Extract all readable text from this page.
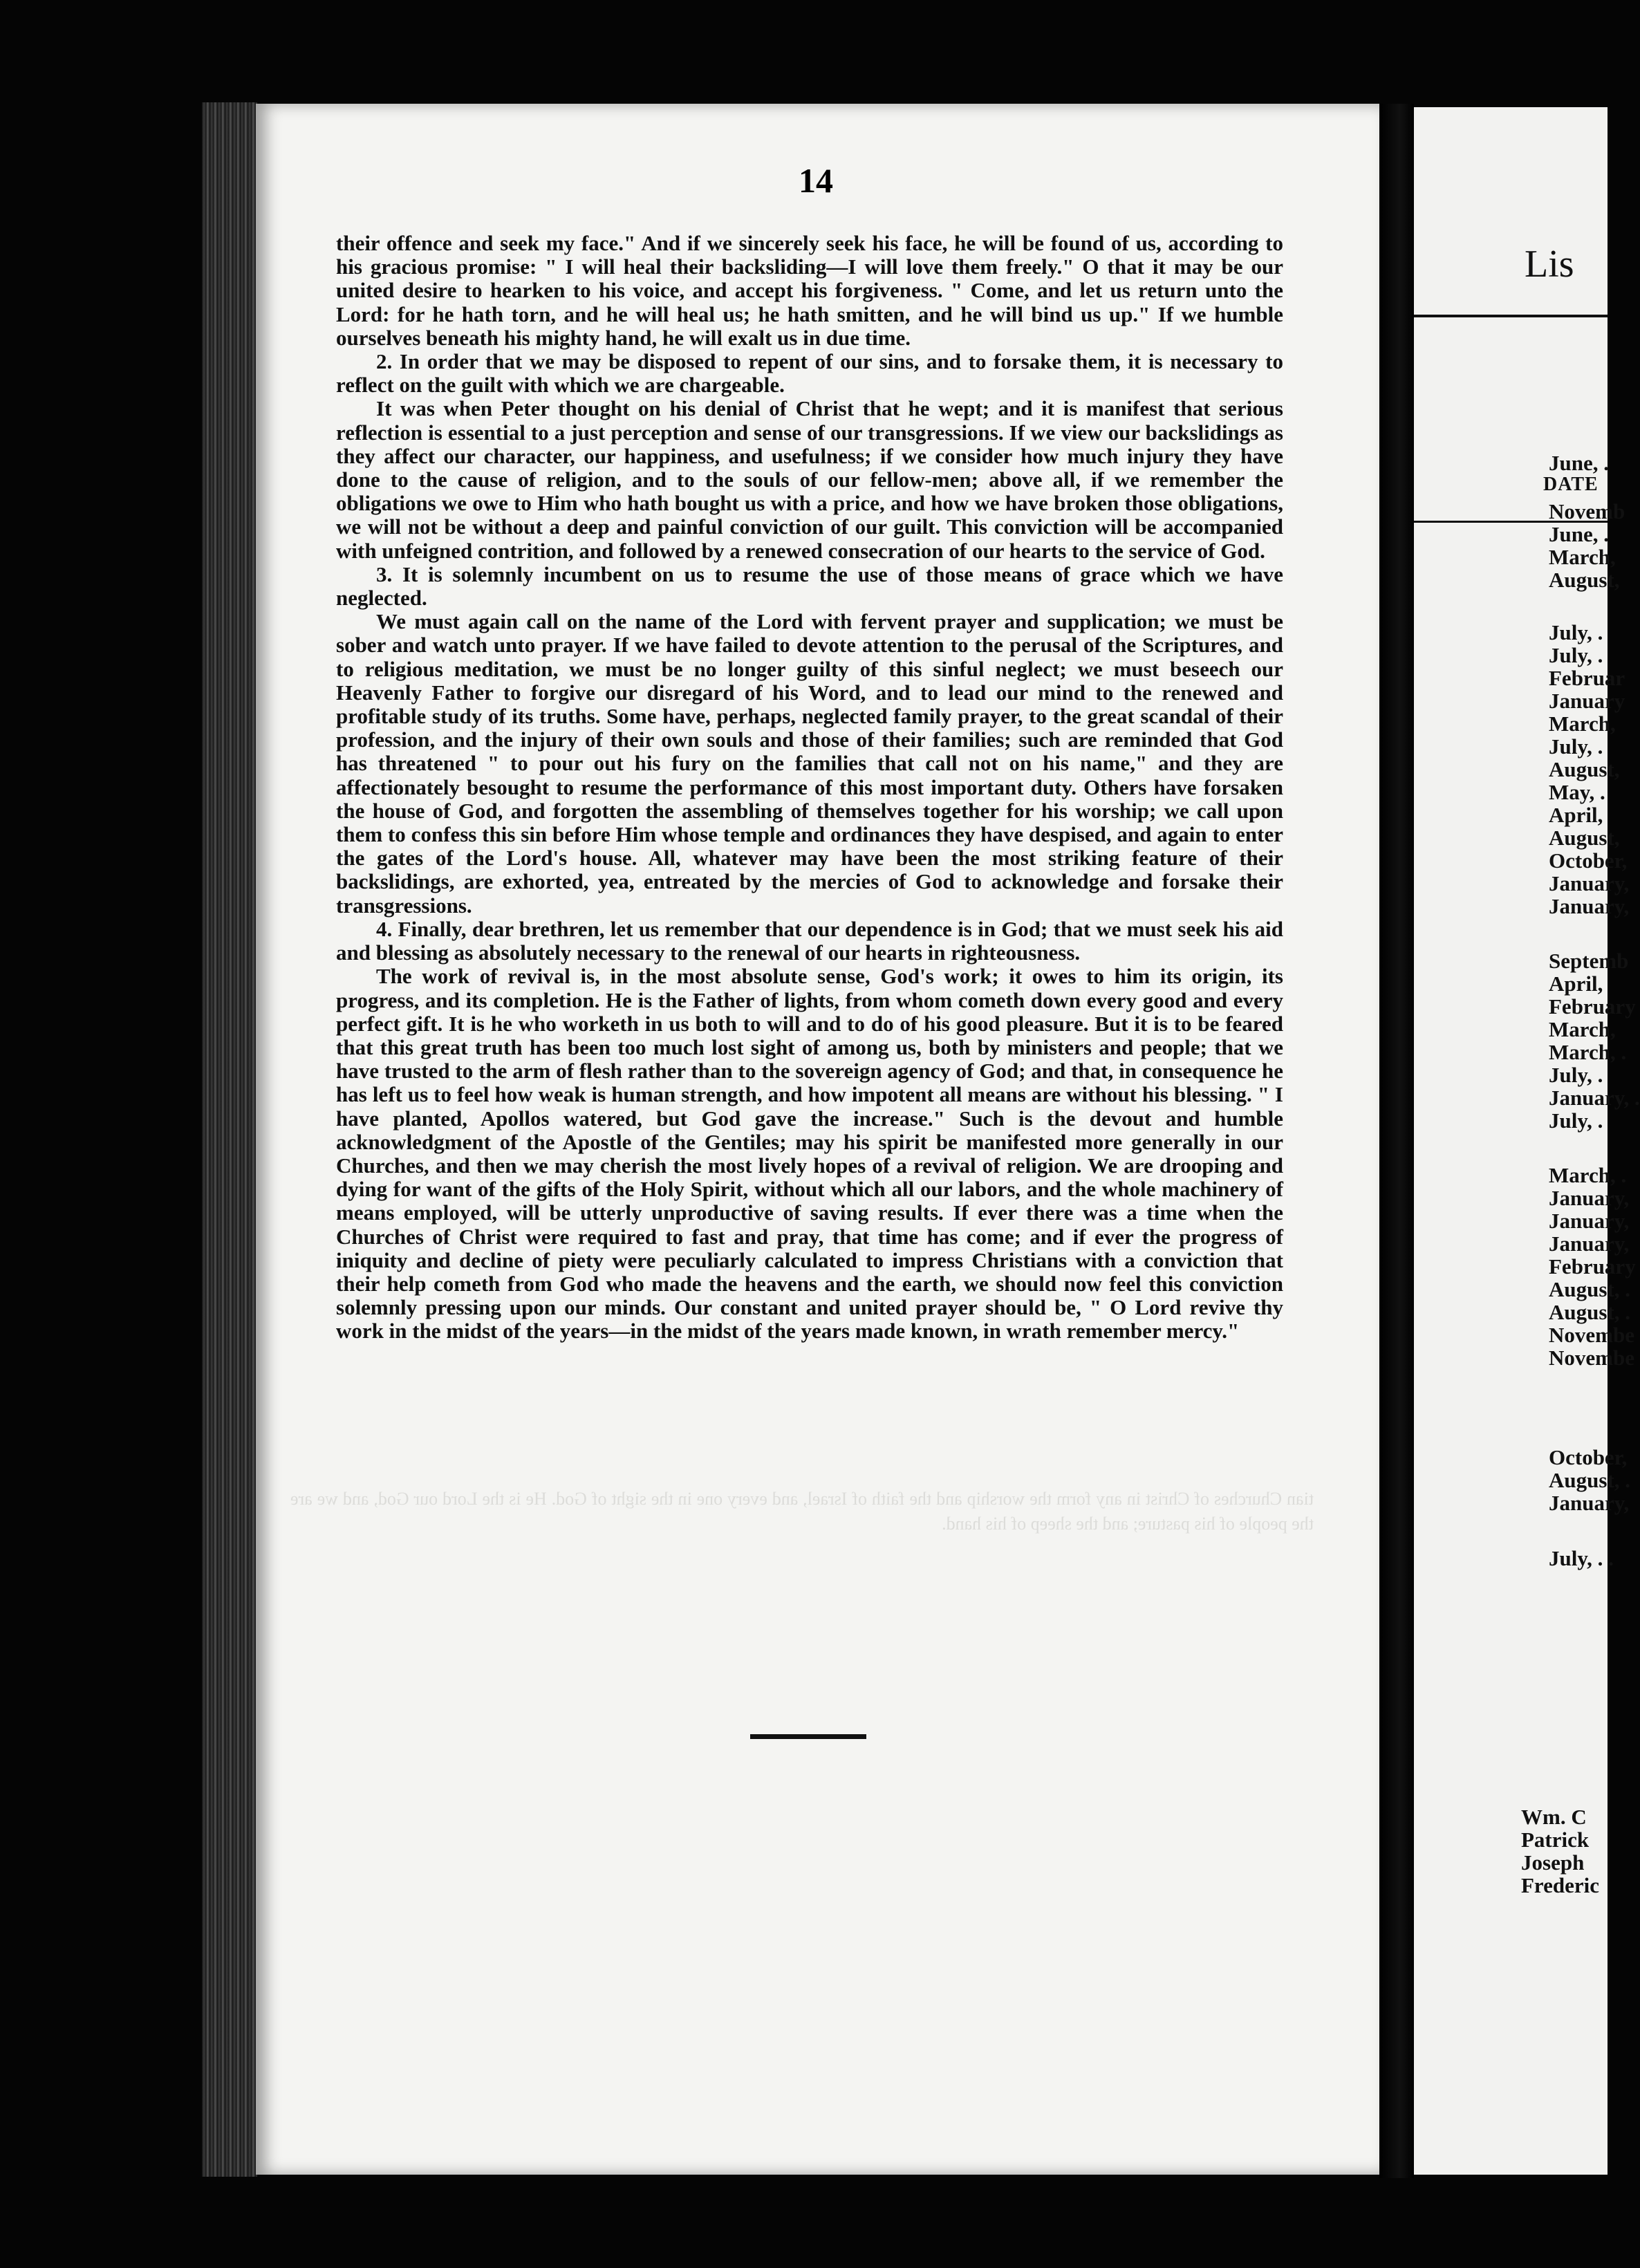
tian Churches of Christ in any form the worship and the faith of Israel, and every one in the sight of God. He is the Lord our God, and we are the people of his pasture; and the sheep of his hand.
14

their offence and seek my face." And if we sincerely seek his face, he will be found of us, according to his gracious promise: " I will heal their backsliding—I will love them freely." O that it may be our united desire to hearken to his voice, and accept his forgiveness. " Come, and let us return unto the Lord: for he hath torn, and he will heal us; he hath smitten, and he will bind us up." If we humble ourselves beneath his mighty hand, he will exalt us in due time.

2. In order that we may be disposed to repent of our sins, and to forsake them, it is necessary to reflect on the guilt with which we are chargeable.

It was when Peter thought on his denial of Christ that he wept; and it is manifest that serious reflection is essential to a just perception and sense of our transgressions. If we view our backslidings as they affect our character, our happiness, and usefulness; if we consider how much injury they have done to the cause of religion, and to the souls of our fellow-men; above all, if we remember the obligations we owe to Him who hath bought us with a price, and how we have broken those obligations, we will not be without a deep and painful conviction of our guilt. This conviction will be accompanied with unfeigned contrition, and followed by a renewed consecration of our hearts to the service of God.

3. It is solemnly incumbent on us to resume the use of those means of grace which we have neglected.

We must again call on the name of the Lord with fervent prayer and supplication; we must be sober and watch unto prayer. If we have failed to devote attention to the perusal of the Scriptures, and to religious meditation, we must be no longer guilty of this sinful neglect; we must beseech our Heavenly Father to forgive our disregard of his Word, and to lead our mind to the renewed and profitable study of its truths. Some have, perhaps, neglected family prayer, to the great scandal of their profession, and the injury of their own souls and those of their families; such are reminded that God has threatened " to pour out his fury on the families that call not on his name," and they are affectionately besought to resume the performance of this most important duty. Others have forsaken the house of God, and forgotten the assembling of themselves together for his worship; we call upon them to confess this sin before Him whose temple and ordinances they have despised, and again to enter the gates of the Lord's house. All, whatever may have been the most striking feature of their backslidings, are exhorted, yea, entreated by the mercies of God to acknowledge and forsake their transgressions.

4. Finally, dear brethren, let us remember that our dependence is in God; that we must seek his aid and blessing as absolutely necessary to the renewal of our hearts in righteousness.

The work of revival is, in the most absolute sense, God's work; it owes to him its origin, its progress, and its completion. He is the Father of lights, from whom cometh down every good and every perfect gift. It is he who worketh in us both to will and to do of his good pleasure. But it is to be feared that this great truth has been too much lost sight of among us, both by ministers and people; that we have trusted to the arm of flesh rather than to the sovereign agency of God; and that, in consequence he has left us to feel how weak is human strength, and how impotent all means are without his blessing. " I have planted, Apollos watered, but God gave the increase." Such is the devout and humble acknowledgment of the Apostle of the Gentiles; may his spirit be manifested more generally in our Churches, and then we may cherish the most lively hopes of a revival of religion. We are drooping and dying for want of the gifts of the Holy Spirit, without which all our labors, and the whole machinery of means employed, will be utterly unproductive of saving results. If ever there was a time when the Churches of Christ were required to fast and pray, that time has come; and if ever the progress of iniquity and decline of piety were peculiarly calculated to impress Christians with a conviction that their help cometh from God who made the heavens and the earth, we should now feel this conviction solemnly pressing upon our minds. Our constant and united prayer should be, " O Lord revive thy work in the midst of the years—in the midst of the years made known, in wrath remember mercy."

Lis
DATE
June, .
Novemb
June, .
March,
August,
July, .
July, .
Februar
January
March,
July, .
August,
May, .
April,
August,
October,
January,
January,
Septemb
April,
February
March,
March, .
July, .
January, .
July, .
March, .
January,
January,
January,
February
August, .
August, .
Novembe
Novembe
October,
August, .
January,
July, . .
Wm. C
Patrick
Joseph
Frederic
